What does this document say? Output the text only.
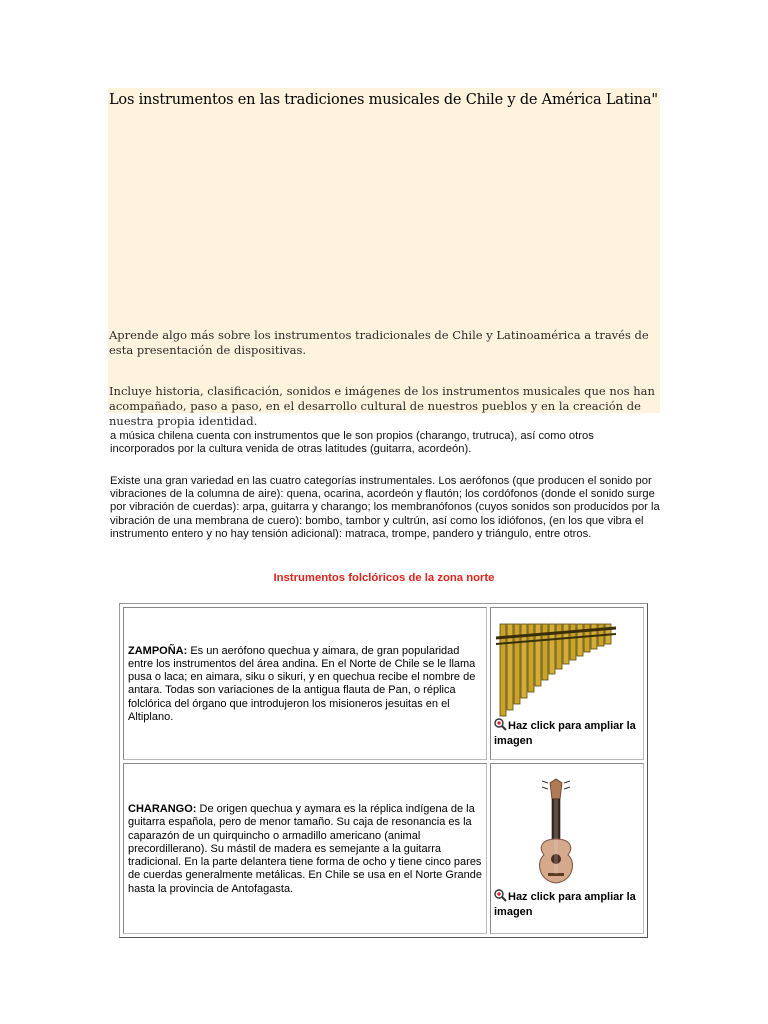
Los instrumentos en las tradiciones musicales de Chile y de América Latina"
Aprende algo más sobre los instrumentos tradicionales de Chile y Latinoamérica a través de esta presentación de dispositivas.
Incluye historia, clasificación, sonidos e imágenes de los instrumentos musicales que nos han acompañado, paso a paso, en el desarrollo cultural de nuestros pueblos y en la creación de nuestra propia identidad.
a música chilena cuenta con instrumentos que le son propios (charango, trutruca), así como otros incorporados por la cultura venida de otras latitudes (guitarra, acordeón).
Existe una gran variedad en las cuatro categorías instrumentales. Los aerófonos (que producen el sonido por vibraciones de la columna de aire): quena, ocarina, acordeón y flautón; los cordófonos (donde el sonido surge por vibración de cuerdas): arpa, guitarra y charango; los membranófonos (cuyos sonidos son producidos por la vibración de una membrana de cuero): bombo, tambor y cultrún, así como los idiófonos, (en los que vibra el instrumento entero y no hay tensión adicional): matraca, trompe, pandero y triángulo, entre otros.
Instrumentos folclóricos de la zona norte
ZAMPOÑA: Es un aerófono quechua y aimara, de gran popularidad entre los instrumentos del área andina. En el Norte de Chile se le llama pusa o laca; en aimara, siku o sikuri, y en quechua recibe el nombre de antara. Todas son variaciones de la antigua flauta de Pan, o réplica folclórica del órgano que introdujeron los misioneros jesuitas en el Altiplano.	Haz click para ampliar la imagen

CHARANGO: De origen quechua y aymara es la réplica indígena de la guitarra española, pero de menor tamaño. Su caja de resonancia es la caparazón de un quirquincho o armadillo americano (animal precordillerano). Su mástil de madera es semejante a la guitarra tradicional. En la parte delantera tiene forma de ocho y tiene cinco pares de cuerdas generalmente metálicas. En Chile se usa en el Norte Grande hasta la provincia de Antofagasta.	Haz click para ampliar la imagen
